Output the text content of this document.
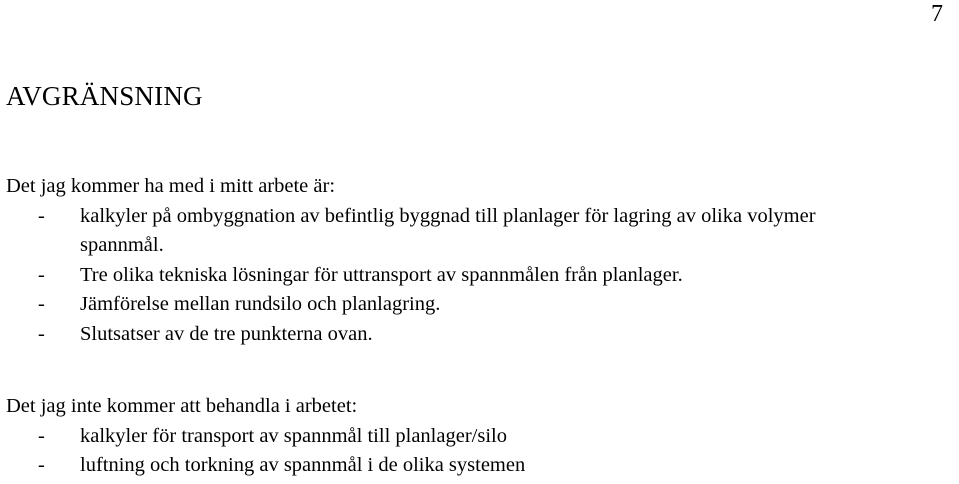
7
AVGRÄNSNING

Det jag kommer ha med i mitt arbete är:

- kalkyler på ombyggnation av befintlig byggnad till planlager för lagring av olika volymer spannmål.
- Tre olika tekniska lösningar för uttransport av spannmålen från planlager.
- Jämförelse mellan rundsilo och planlagring.
- Slutsatser av de tre punkterna ovan.

Det jag inte kommer att behandla i arbetet:

- kalkyler för transport av spannmål till planlager/silo
- luftning och torkning av spannmål i de olika systemen
